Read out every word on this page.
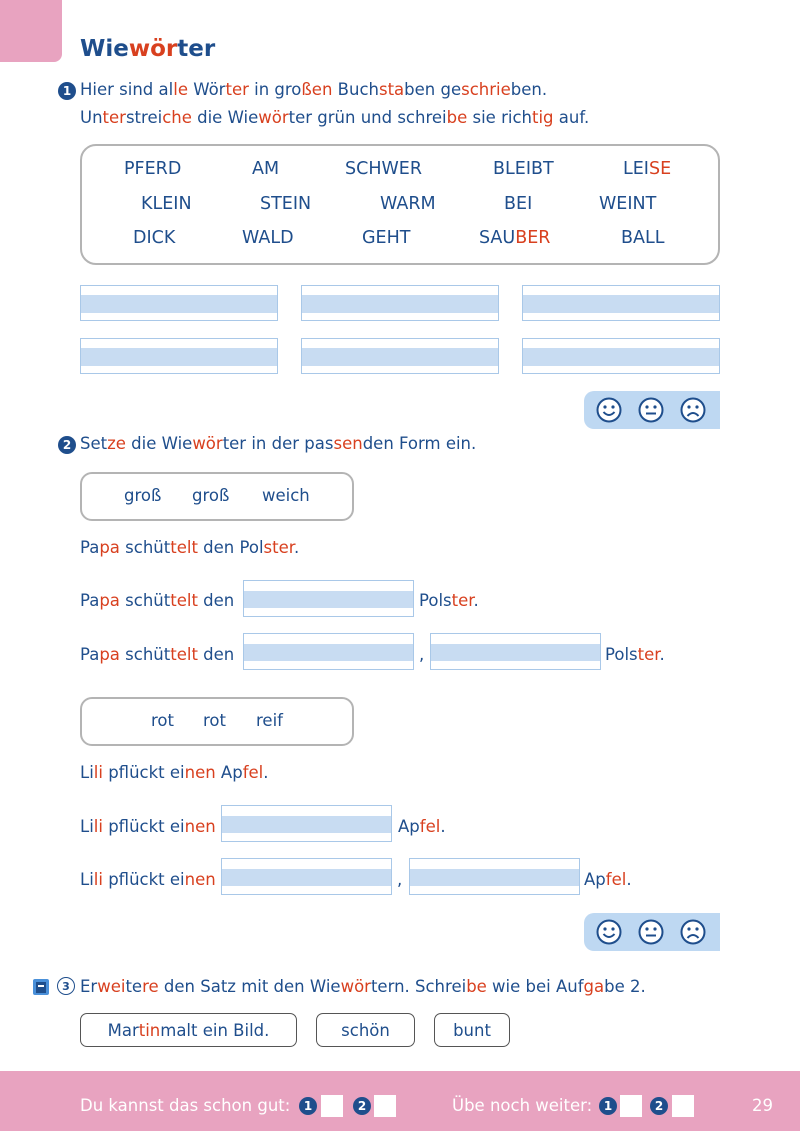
Wiewörter
1 Hier sind alle Wörter in großen Buchstaben geschrieben.
Unterstreiche die Wiewörter grün und schreibe sie richtig auf.
PFERD	AM	SCHWER	BLEIBT	LEISE
KLEIN	STEIN	WARM	BEI	WEINT
DICK	WALD	GEHT	SAUBER	BALL
2 Setze die Wiewörter in der passenden Form ein.
groß groß weich
Papa schüttelt den Polster.
Papa schüttelt den	Polster.
Papa schüttelt den	,	Polster.
rot rot reif
Lili pflückt einen Apfel.
Lili pflückt einen	Apfel.
Lili pflückt einen	,	Apfel.
3 Erweitere den Satz mit den Wiewörtern. Schreibe wie bei Aufgabe 2.
Mar tin malt ein Bild.	schön	bunt
Du kannst das schon gut:	1	2	Übe noch weiter: 1	2	29
